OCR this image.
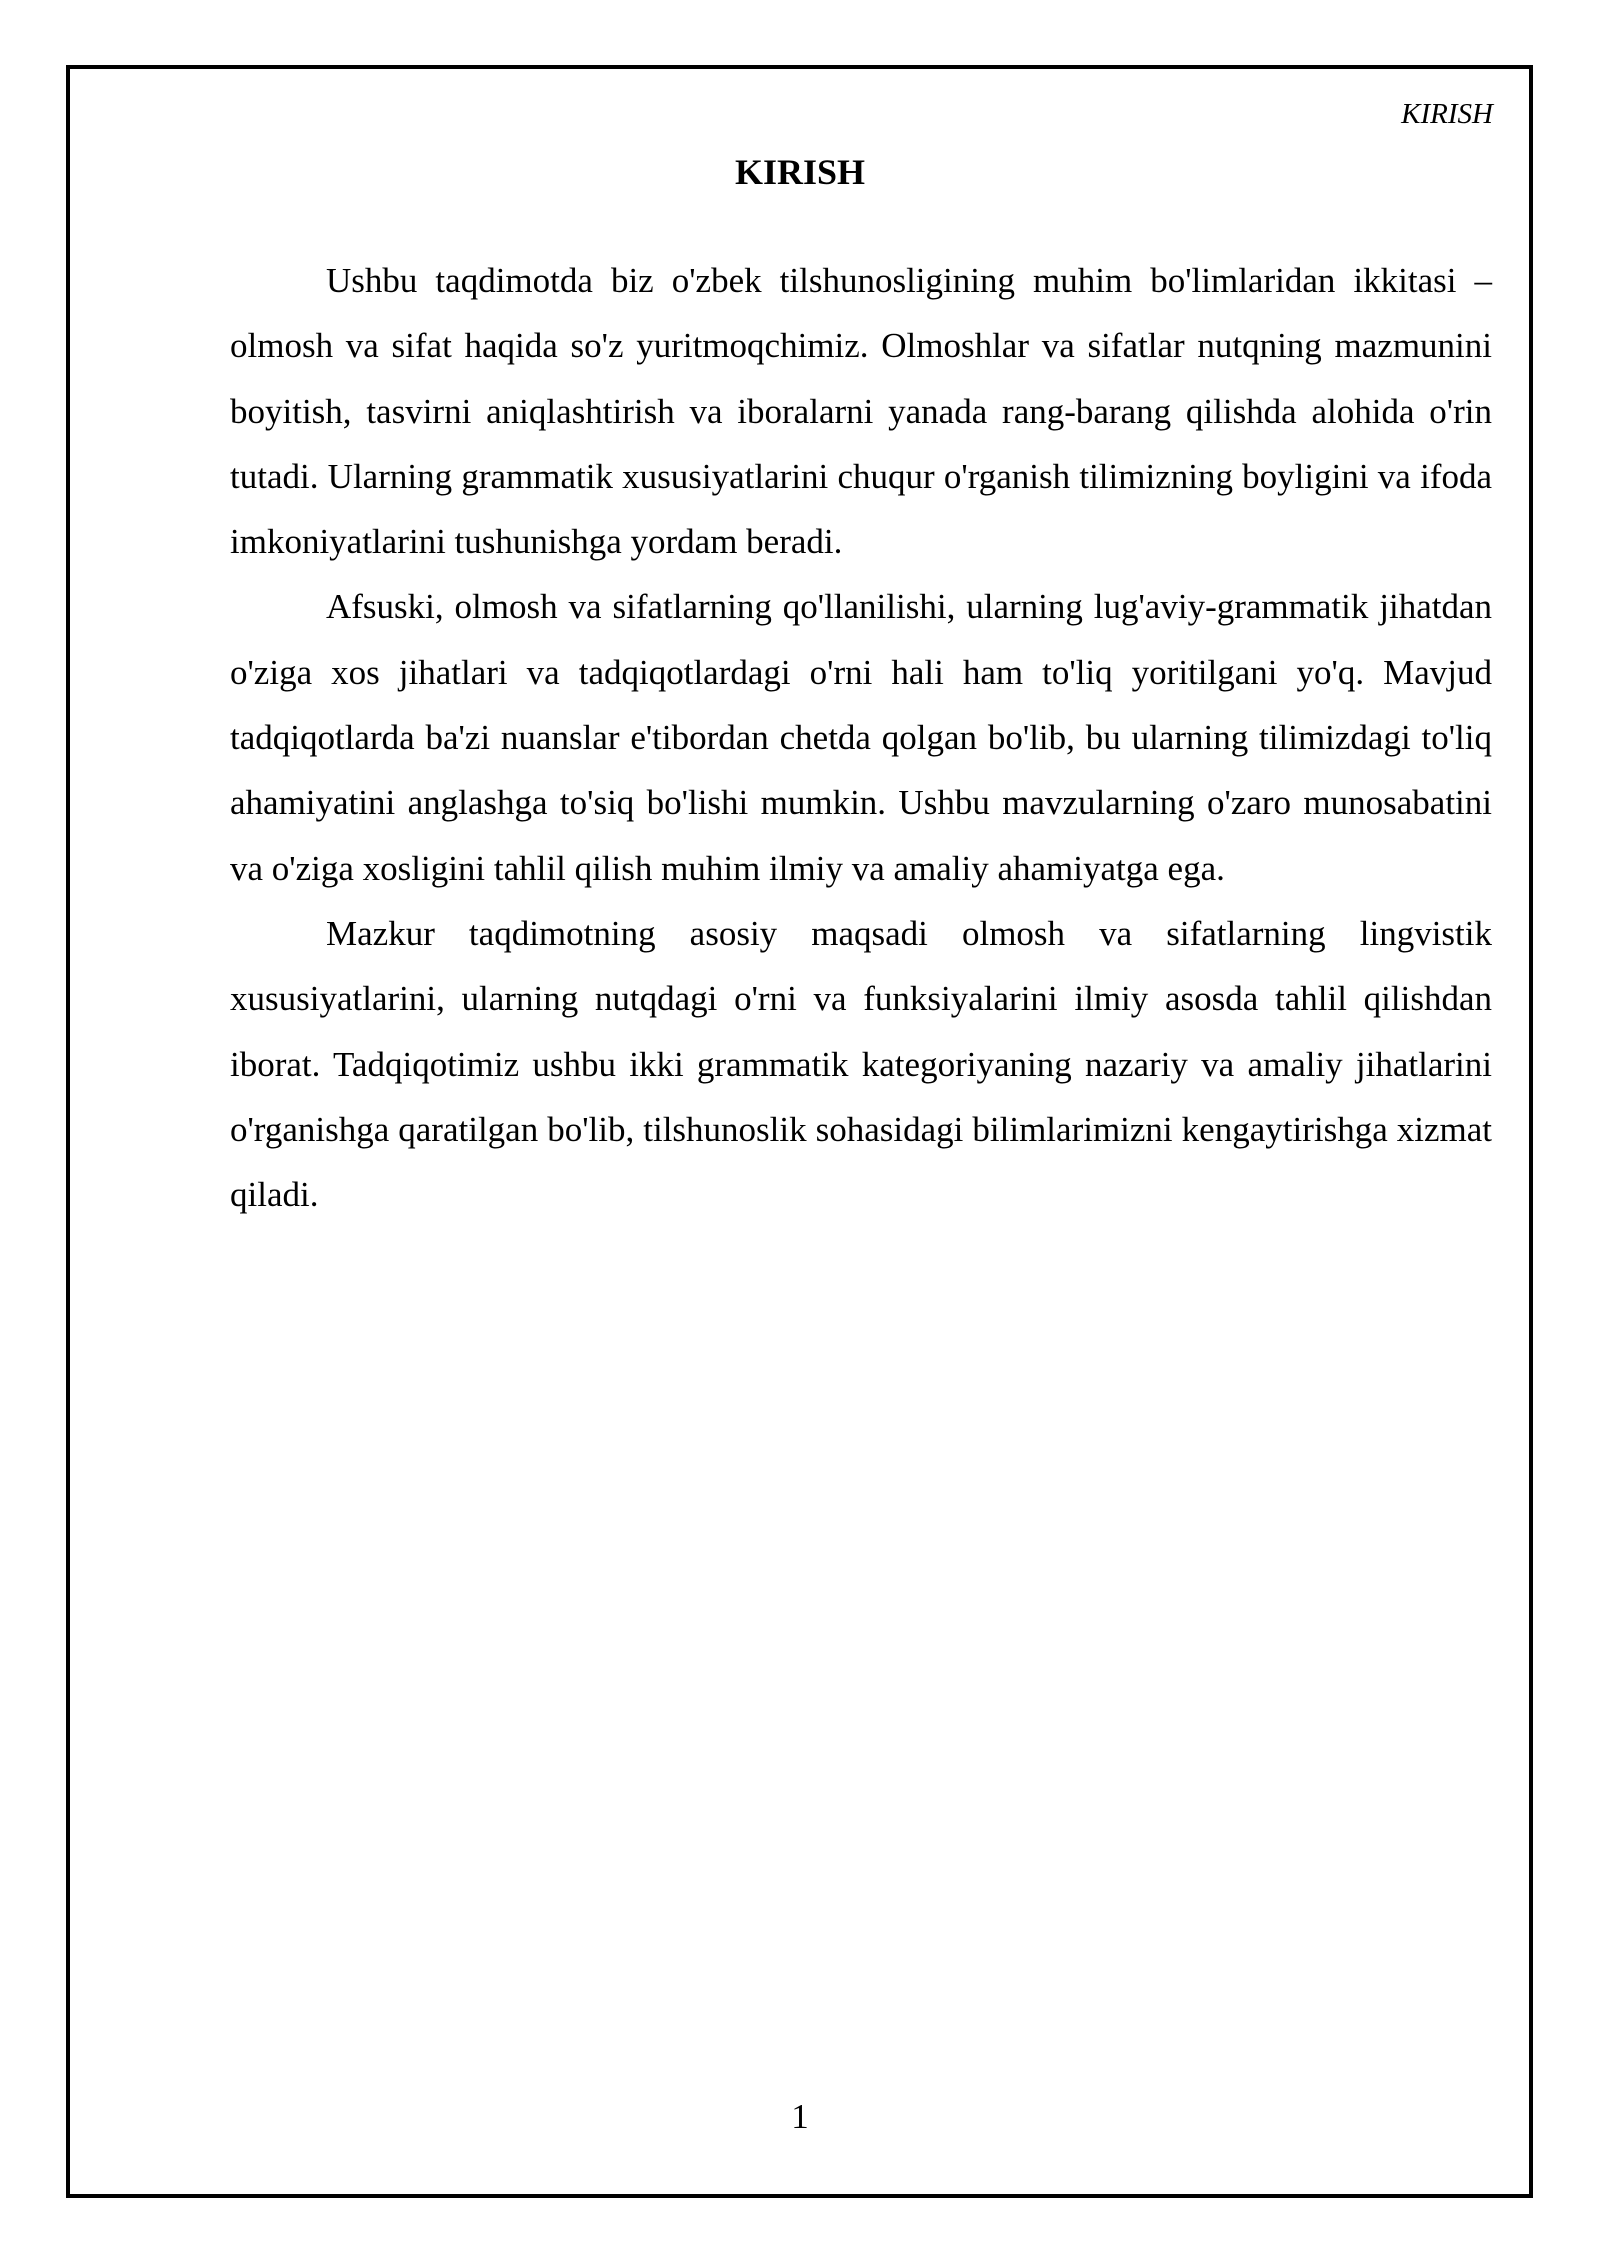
KIRISH
KIRISH

Ushbu taqdimotda biz o'zbek tilshunosligining muhim bo'limlaridan ikkitasi – olmosh va sifat haqida so'z yuritmoqchimiz. Olmoshlar va sifatlar nutqning mazmunini boyitish, tasvirni aniqlashtirish va iboralarni yanada rang-barang qilishda alohida o'rin tutadi. Ularning grammatik xususiyatlarini chuqur o'rganish tilimizning boyligini va ifoda imkoniyatlarini tushunishga yordam beradi.

Afsuski, olmosh va sifatlarning qo'llanilishi, ularning lug'aviy-grammatik jihatdan o'ziga xos jihatlari va tadqiqotlardagi o'rni hali ham to'liq yoritilgani yo'q. Mavjud tadqiqotlarda ba'zi nuanslar e'tibordan chetda qolgan bo'lib, bu ularning tilimizdagi to'liq ahamiyatini anglashga to'siq bo'lishi mumkin. Ushbu mavzularning o'zaro munosabatini va o'ziga xosligini tahlil qilish muhim ilmiy va amaliy ahamiyatga ega.

Mazkur taqdimotning asosiy maqsadi olmosh va sifatlarning lingvistik xususiyatlarini, ularning nutqdagi o'rni va funksiyalarini ilmiy asosda tahlil qilishdan iborat. Tadqiqotimiz ushbu ikki grammatik kategoriyaning nazariy va amaliy jihatlarini o'rganishga qaratilgan bo'lib, tilshunoslik sohasidagi bilimlarimizni kengaytirishga xizmat qiladi.

1
